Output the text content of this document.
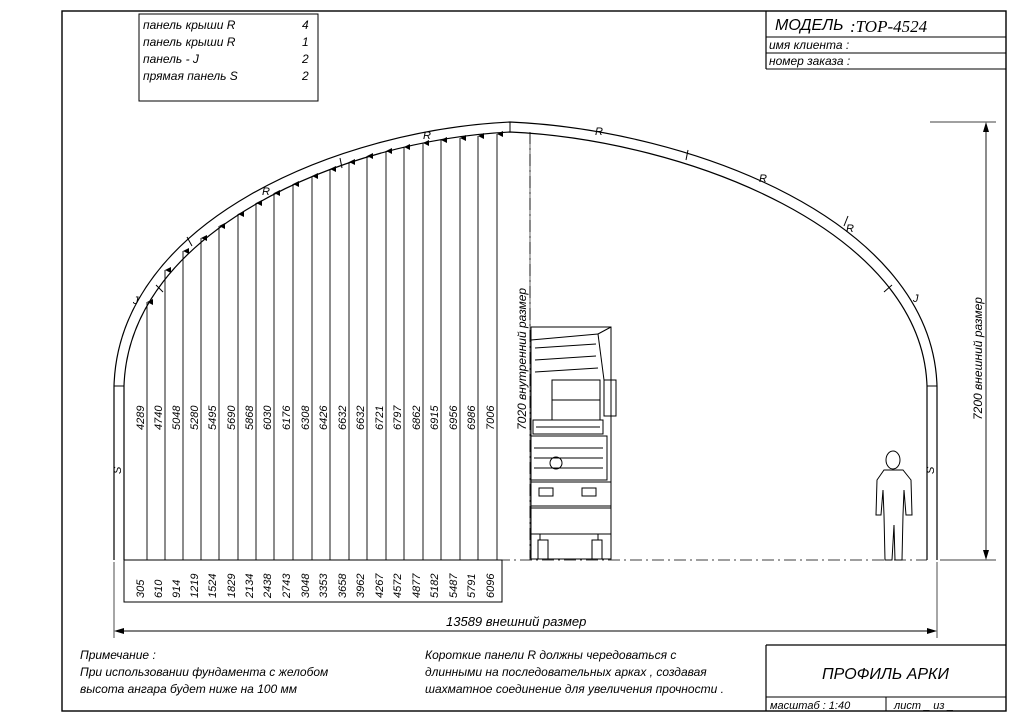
панель крыши R	4
панель крыши R	1
панель - J	2
прямая панель S	2
МОДЕЛЬ :TOP-4524
имя клиента :
номер заказа :
R	R
R
R
R
J	J
S	S
4289 4740 5048 5280 5495 5690 5868 6030 6176 6308 6426 6632 6632 6721 6797 6862 6915 6956 6986 7006
305 610 914 1219 1524 1829 2134 2438 2743 3048 3353 3658 3962 4267 4572 4877 5182 5487 5791 6096
7020 внутренний размер	7200 внешний размер
13589 внешний размер
Примечание :
При использовании фундамента с желобом
высота ангара будет ниже на 100 мм
Короткие панели R должны чередоваться с
длинными на последовательных арках , создавая
шахматное соединение для увеличения прочности .
ПРОФИЛЬ АРКИ
масштаб : 1:40	лист _ из _
